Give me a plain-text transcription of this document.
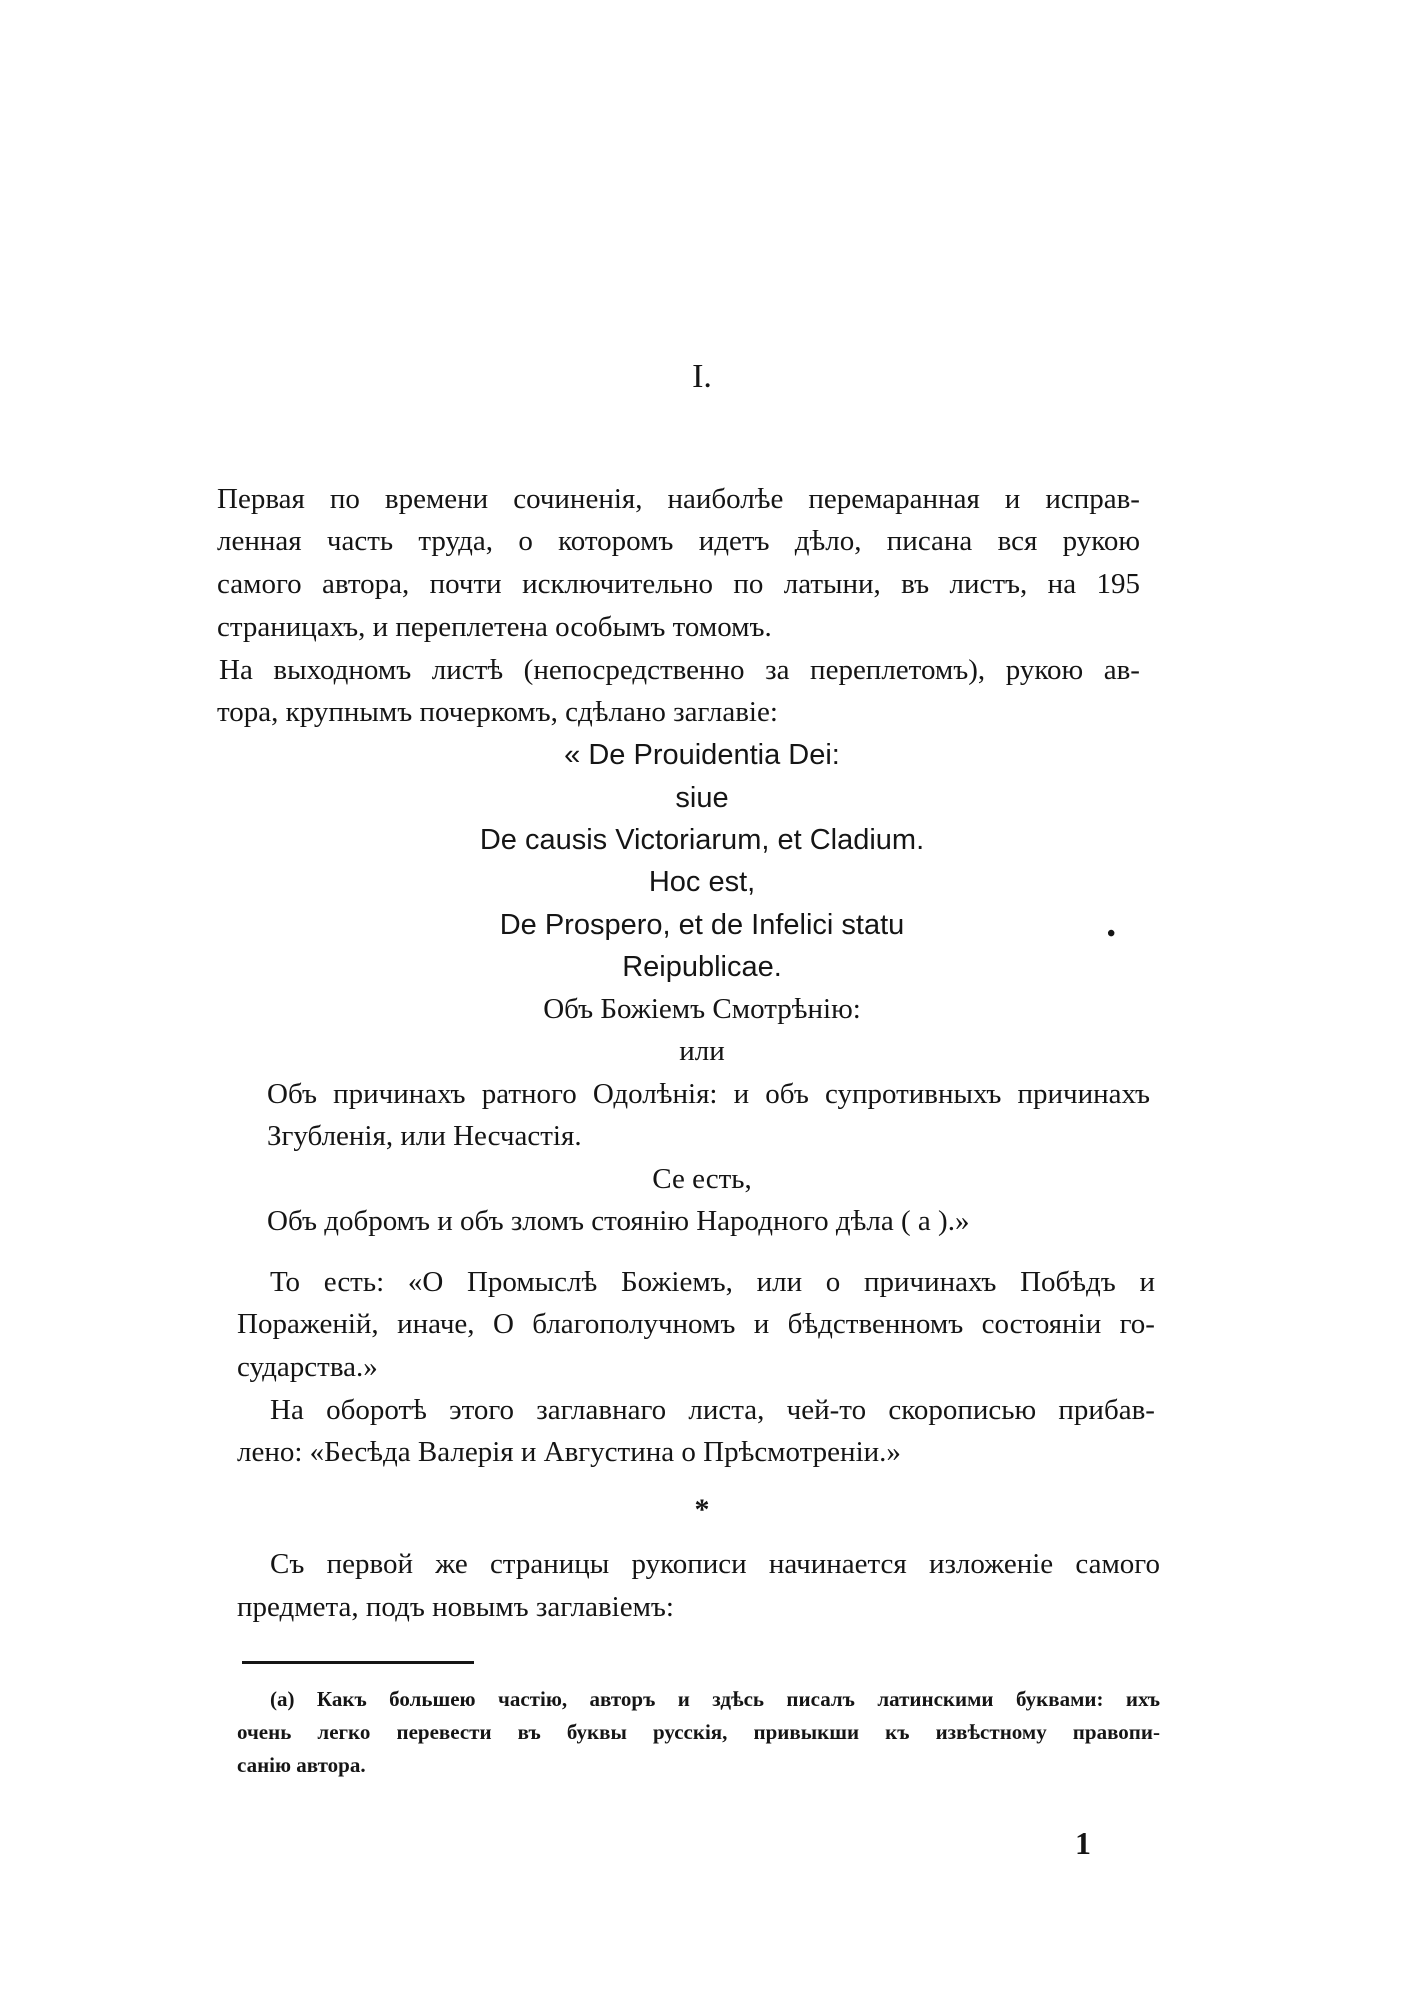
I.
Первая по времени сочиненія, наиболѣе перемаранная и исправ-
ленная часть труда, о которомъ идетъ дѣло, писана вся рукою
самого автора, почти исключительно по латыни, въ листъ, на 195
страницахъ, и переплетена особымъ томомъ.
На выходномъ листѣ (непосредственно за переплетомъ), рукою ав-
тора, крупнымъ почеркомъ, сдѣлано заглавіе:
« De Prouidentia Dei:
siue
De causis Victoriarum, et Cladium.
Hoc est,
De Prospero, et de Infelici statu	•
Reipublicae.
Объ Божіемъ Смотрѣнію:
или
Объ причинахъ ратного Одолѣнія: и объ супротивныхъ причинахъ
Згубленія, или Несчастія.
Се есть,
Объ добромъ и объ зломъ стоянію Народного дѣла ( а ).»
То есть: «О Промыслѣ Божіемъ, или о причинахъ Побѣдъ и
Пораженій, иначе, О благополучномъ и бѣдственномъ состояніи го-
сударства.»
На оборотѣ этого заглавнаго листа, чей-то скорописью прибав-
лено: «Бесѣда Валерія и Августина о Прѣсмотреніи.»
*
Съ первой же страницы рукописи начинается изложеніе самого
предмета, подъ новымъ заглавіемъ:
(а) Какъ большею частію, авторъ и здѣсь писалъ латинскими буквами: ихъ
очень легко перевести въ буквы русскія, привыкши къ извѣстному правопи-
санію автора.
1
